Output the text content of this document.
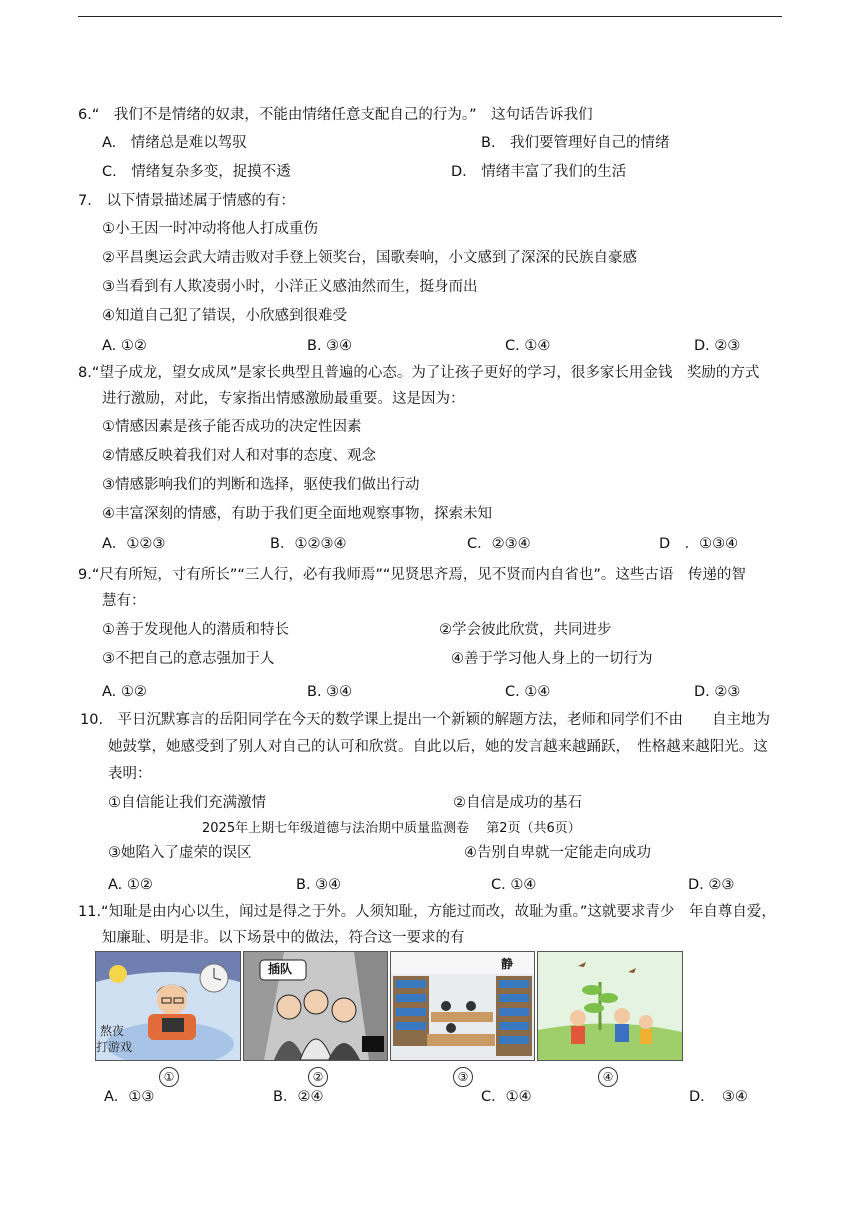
6.“　我们不是情绪的奴隶，不能由情绪任意支配自己的行为。”　这句话告诉我们
A.　情绪总是难以驾驭	B.　我们要管理好自己的情绪
C.　情绪复杂多变，捉摸不透	D.　情绪丰富了我们的生活
7.　以下情景描述属于情感的有：
①小王因一时冲动将他人打成重伤
②平昌奥运会武大靖击败对手登上领奖台，国歌奏响，小文感到了深深的民族自豪感
③当看到有人欺凌弱小时，小洋正义感油然而生，挺身而出
④知道自己犯了错误，小欣感到很难受
A. ①②	B. ③④	C. ①④	D. ②③
8.“望子成龙，望女成凤”是家长典型且普遍的心态。为了让孩子更好的学习，很多家长用金钱　奖励的方式
进行激励，对此，专家指出情感激励最重要。这是因为：
①情感因素是孩子能否成功的决定性因素
②情感反映着我们对人和对事的态度、观念
③情感影响我们的判断和选择，驱使我们做出行动
④丰富深刻的情感，有助于我们更全面地观察事物，探索未知
A．①②③	B．①②③④	C．②③④	D　．①③④
9.“尺有所短，寸有所长”“三人行，必有我师焉”“见贤思齐焉，见不贤而内自省也”。这些古语　传递的智
慧有：
①善于发现他人的潜质和特长	②学会彼此欣赏，共同进步
③不把自己的意志强加于人	④善于学习他人身上的一切行为
A. ①②	B. ③④	C. ①④	D. ②③
10.　平日沉默寡言的岳阳同学在今天的数学课上提出一个新颖的解题方法，老师和同学们不由　　自主地为
她鼓掌，她感受到了别人对自己的认可和欣赏。自此以后，她的发言越来越踊跃，　性格越来越阳光。这
表明：
①自信能让我们充满激情	②自信是成功的基石
2025年上期七年级道德与法治期中质量监测卷　 第2页（共6页）
③她陷入了虚荣的误区	④告别自卑就一定能走向成功
A. ①②	B. ③④	C. ①④	D. ②③
11.“知耻是由内心以生，闻过是得之于外。人须知耻，方能过而改，故耻为重。”这就要求青少　年自尊自爱，
知廉耻、明是非。以下场景中的做法，符合这一要求的有
熬夜
打游戏
插队	静
①	②	③	④
A．①③	B．②④	C．①④	D．　③④
